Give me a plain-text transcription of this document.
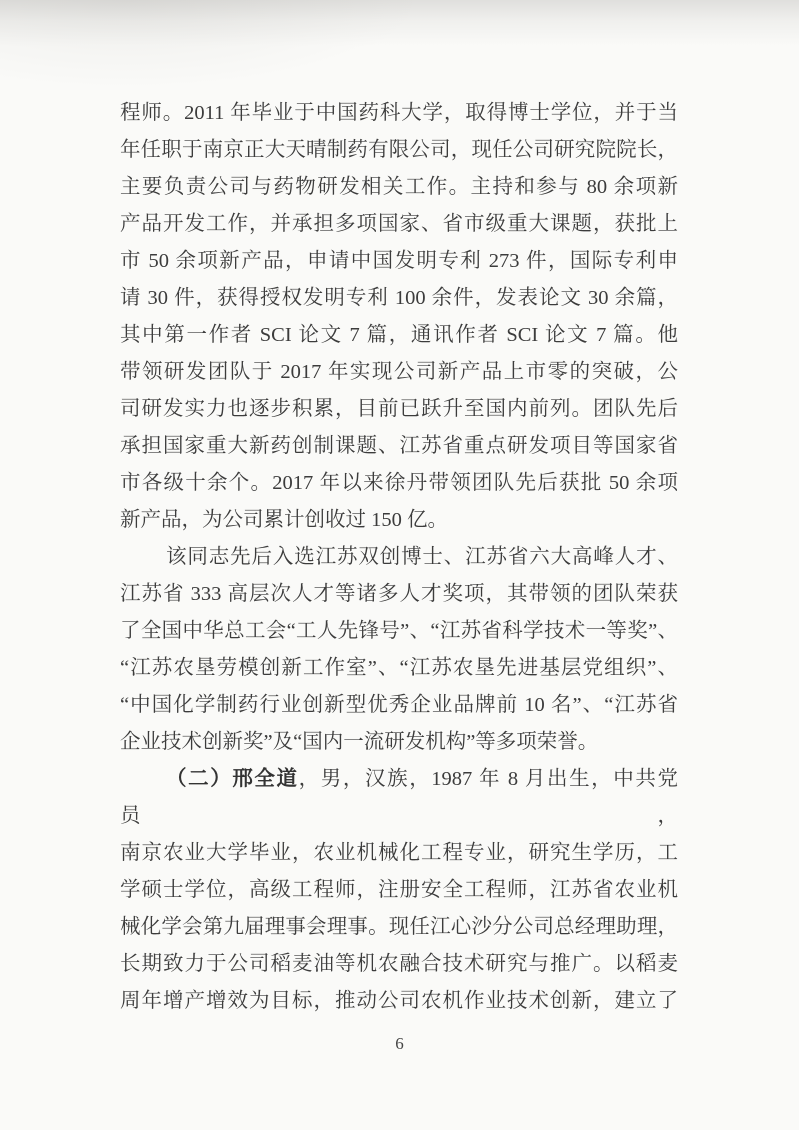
程师。2011 年毕业于中国药科大学，取得博士学位，并于当
年任职于南京正大天晴制药有限公司，现任公司研究院院长，
主要负责公司与药物研发相关工作。主持和参与 80 余项新
产品开发工作，并承担多项国家、省市级重大课题，获批上
市 50 余项新产品，申请中国发明专利 273 件，国际专利申
请 30 件，获得授权发明专利 100 余件，发表论文 30 余篇，
其中第一作者 SCI 论文 7 篇，通讯作者 SCI 论文 7 篇。他
带领研发团队于 2017 年实现公司新产品上市零的突破，公
司研发实力也逐步积累，目前已跃升至国内前列。团队先后
承担国家重大新药创制课题、江苏省重点研发项目等国家省
市各级十余个。2017 年以来徐丹带领团队先后获批 50 余项
新产品，为公司累计创收过 150 亿。
该同志先后入选江苏双创博士、江苏省六大高峰人才、
江苏省 333 高层次人才等诸多人才奖项，其带领的团队荣获
了全国中华总工会“工人先锋号”、“江苏省科学技术一等奖”、
“江苏农垦劳模创新工作室”、“江苏农垦先进基层党组织”、
“中国化学制药行业创新型优秀企业品牌前 10 名”、“江苏省
企业技术创新奖”及“国内一流研发机构”等多项荣誉。
（二）邢全道，男，汉族，1987 年 8 月出生，中共党员，
南京农业大学毕业，农业机械化工程专业，研究生学历，工
学硕士学位，高级工程师，注册安全工程师，江苏省农业机
械化学会第九届理事会理事。现任江心沙分公司总经理助理，
长期致力于公司稻麦油等机农融合技术研究与推广。以稻麦
周年增产增效为目标，推动公司农机作业技术创新，建立了
6
